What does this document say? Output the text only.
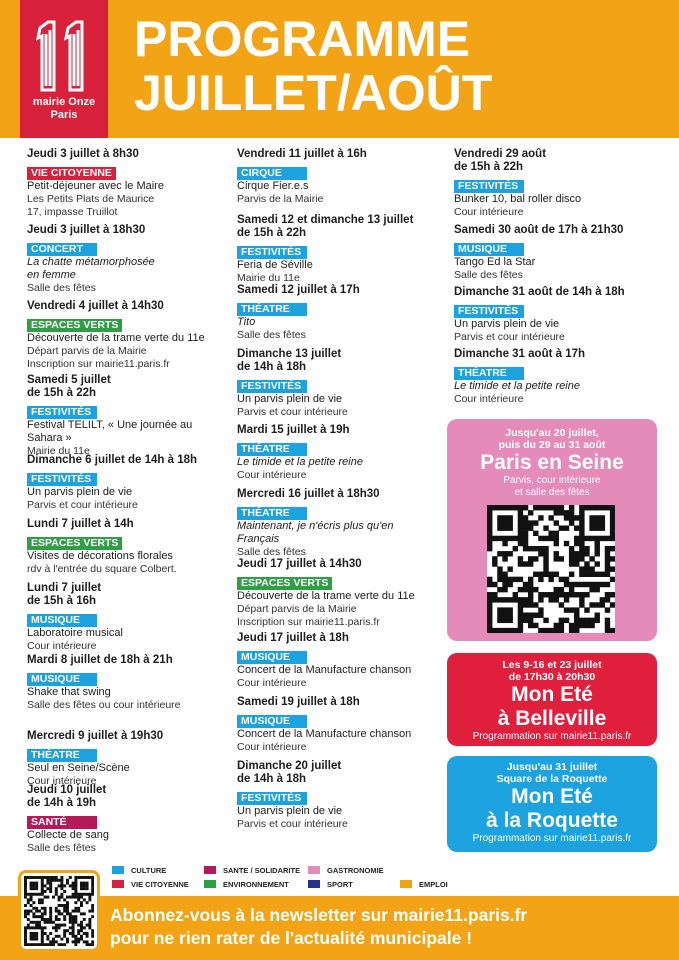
mairie Onze
Paris
PROGRAMME
JUILLET/AOÛT
Jeudi 3 juillet à 8h30
VIE CITOYENNE
Petit-déjeuner avec le Maire
Les Petits Plats de Maurice
17, impasse Truillot
Jeudi 3 juillet à 18h30
CONCERT
La chatte métamorphosée
en femme
Salle des fêtes
Vendredi 4 juillet à 14h30
ESPACES VERTS
Découverte de la trame verte du 11e
Départ parvis de la Mairie
Inscription sur mairie11.paris.fr
Samedi 5 juillet
de 15h à 22h
FESTIVITÉS
Festival TELILT, « Une journée au
Sahara »
Mairie du 11e
Dimanche 6 juillet de 14h à 18h
FESTIVITÉS
Un parvis plein de vie
Parvis et cour intérieure
Lundi 7 juillet à 14h
ESPACES VERTS
Visites de décorations florales
rdv à l'entrée du square Colbert.
Lundi 7 juillet
de 15h à 16h
MUSIQUE
Laboratoire musical
Cour intérieure
Mardi 8 juillet de 18h à 21h
MUSIQUE
Shake that swing
Salle des fêtes ou cour intérieure
Mercredi 9 juillet à 19h30
THÉATRE
Seul en Seine/Scène
Cour intérieure
Jeudi 10 juillet
de 14h à 19h
SANTÉ
Collecte de sang
Salle des fêtes
Vendredi 11 juillet à 16h
CIRQUE
Cirque Fier.e.s
Parvis de la Mairie
Samedi 12 et dimanche 13 juillet
de 15h à 22h
FESTIVITÉS
Feria de Séville
Mairie du 11e
Samedi 12 juillet à 17h
THÉATRE
Tito
Salle des fêtes
Dimanche 13 juillet
de 14h à 18h
FESTIVITÉS
Un parvis plein de vie
Parvis et cour intérieure
Mardi 15 juillet à 19h
THÉATRE
Le timide et la petite reine
Cour intérieure
Mercredi 16 juillet à 18h30
THÉATRE
Maintenant, je n'écris plus qu'en
Français
Salle des fêtes
Jeudi 17 juillet à 14h30
ESPACES VERTS
Découverte de la trame verte du 11e
Départ parvis de la Mairie
Inscription sur mairie11.paris.fr
Jeudi 17 juillet à 18h
MUSIQUE
Concert de la Manufacture chanson
Cour intérieure
Samedi 19 juillet à 18h
MUSIQUE
Concert de la Manufacture chanson
Cour intérieure
Dimanche 20 juillet
de 14h à 18h
FESTIVITÉS
Un parvis plein de vie
Parvis et cour intérieure
Vendredi 29 août
de 15h à 22h
FESTIVITÉS
Bunker 10, bal roller disco
Cour intérieure
Samedi 30 août de 17h à 21h30
MUSIQUE
Tango Ed la Star
Salle des fêtes
Dimanche 31 août de 14h à 18h
FESTIVITÉS
Un parvis plein de vie
Parvis et cour intérieure
Dimanche 31 août à 17h
THÉATRE
Le timide et la petite reine
Cour intérieure
Jusqu'au 20 juillet,
puis du 29 au 31 août
Paris en Seine
Parvis, cour intérieure
et salle des fêtes
Les 9-16 et 23 juillet
de 17h30 à 20h30
Mon Eté
à Belleville
Programmation sur mairie11.paris.fr
Jusqu'au 31 juillet
Square de la Roquette
Mon Eté
à la Roquette
Programmation sur mairie11.paris.fr
CULTURE	SANTE / SOLIDARITE	GASTRONOMIE
VIE CITOYENNE	ENVIRONNEMENT	SPORT	EMPLOI
Abonnez-vous à la newsletter sur mairie11.paris.fr
pour ne rien rater de l'actualité municipale !
